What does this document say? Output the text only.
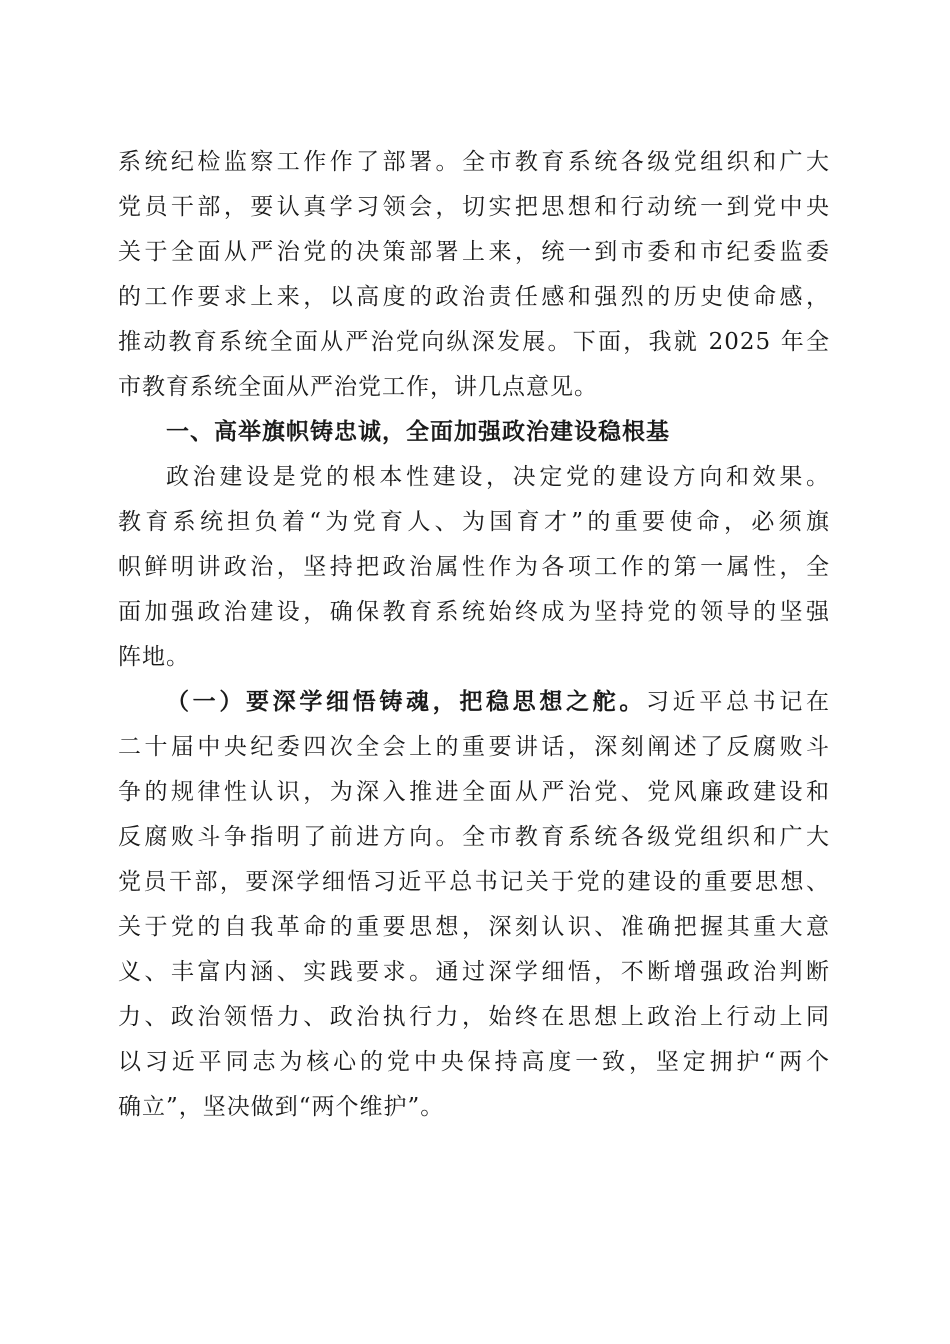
系统纪检监察工作作了部署。全市教育系统各级党组织和广大
党员干部，要认真学习领会，切实把思想和行动统一到党中央
关于全面从严治党的决策部署上来，统一到市委和市纪委监委
的工作要求上来，以高度的政治责任感和强烈的历史使命感，
推动教育系统全面从严治党向纵深发展。下面，我就 2025 年全
市教育系统全面从严治党工作，讲几点意见。
一、高举旗帜铸忠诚，全面加强政治建设稳根基
政治建设是党的根本性建设，决定党的建设方向和效果。
教育系统担负着“为党育人、为国育才”的重要使命，必须旗
帜鲜明讲政治，坚持把政治属性作为各项工作的第一属性，全
面加强政治建设，确保教育系统始终成为坚持党的领导的坚强
阵地。
（一）要深学细悟铸魂，把稳思想之舵。习近平总书记在
二十届中央纪委四次全会上的重要讲话，深刻阐述了反腐败斗
争的规律性认识，为深入推进全面从严治党、党风廉政建设和
反腐败斗争指明了前进方向。全市教育系统各级党组织和广大
党员干部，要深学细悟习近平总书记关于党的建设的重要思想、
关于党的自我革命的重要思想，深刻认识、准确把握其重大意
义、丰富内涵、实践要求。通过深学细悟，不断增强政治判断
力、政治领悟力、政治执行力，始终在思想上政治上行动上同
以习近平同志为核心的党中央保持高度一致，坚定拥护“两个
确立”，坚决做到“两个维护”。
